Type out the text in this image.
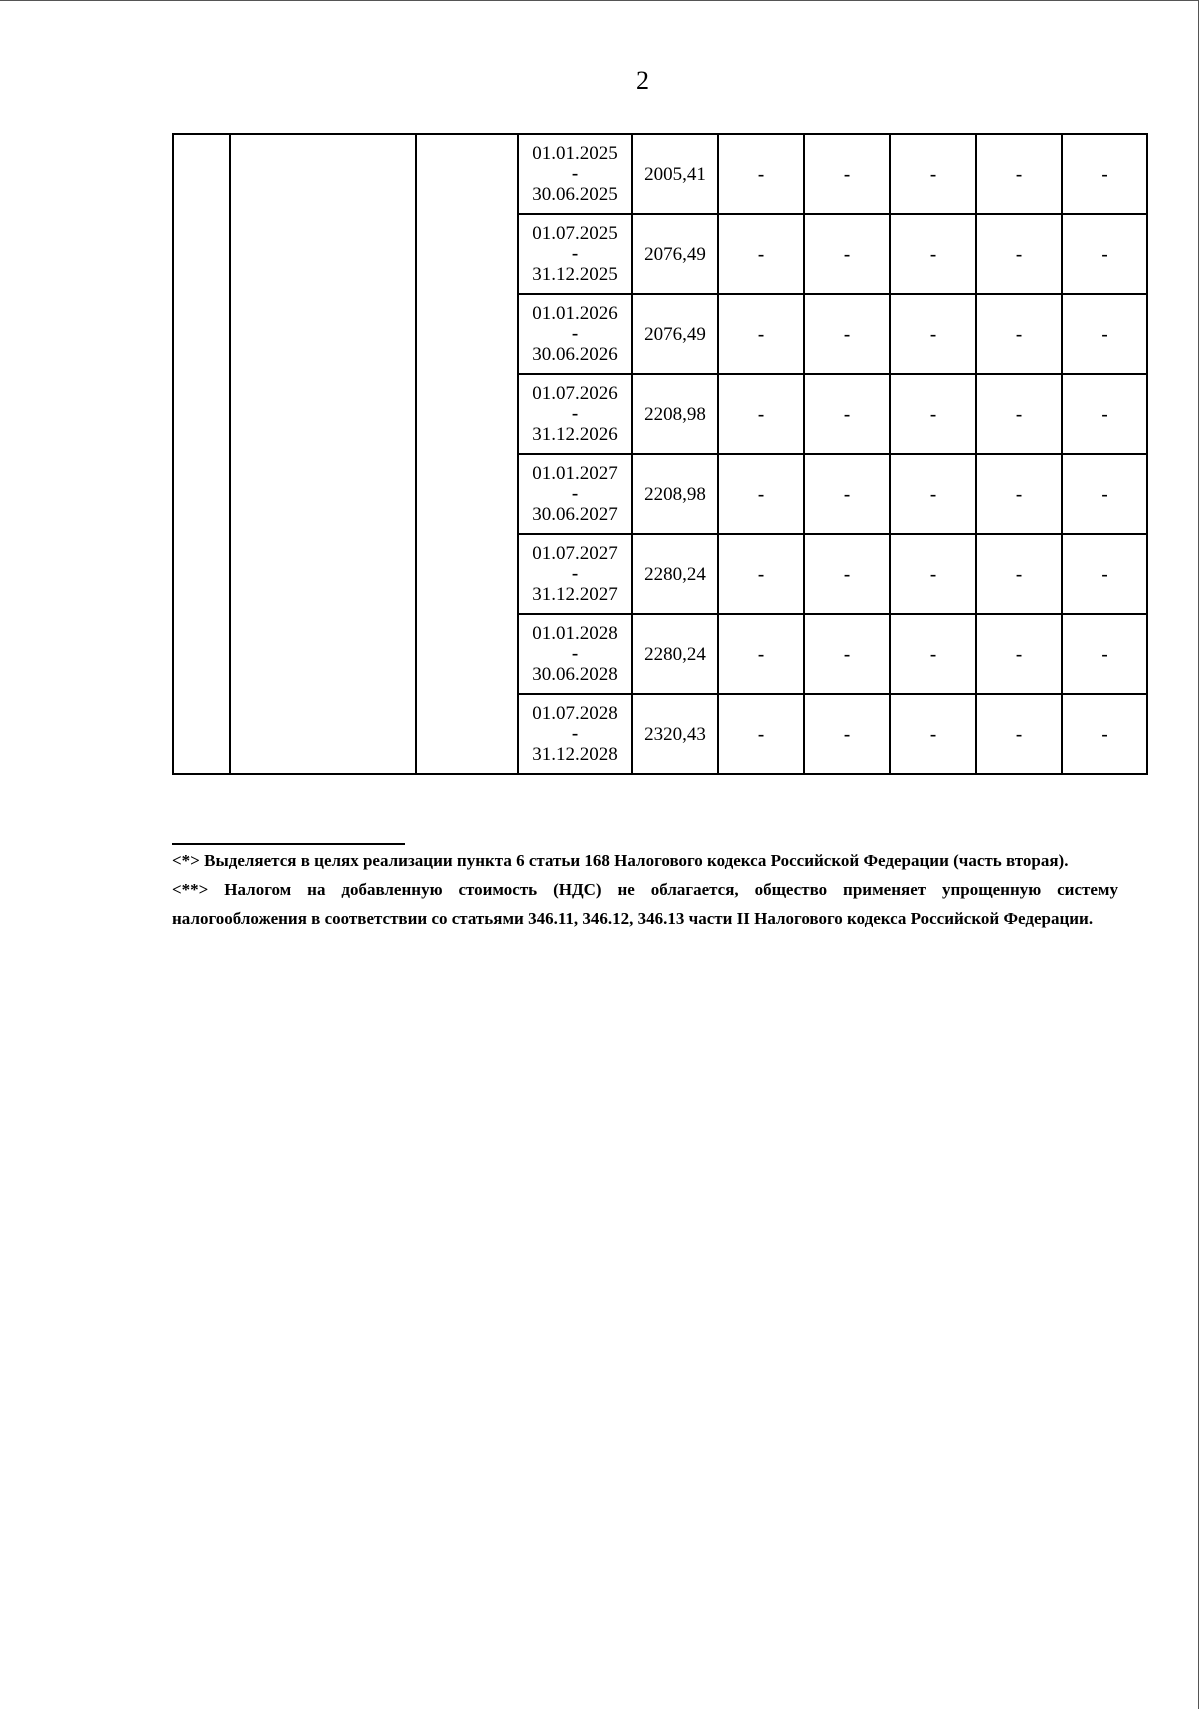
2

			01.01.2025
-
30.06.2025	2005,41	-	-	-	-	-

			01.07.2025
-
31.12.2025	2076,49	-	-	-	-	-

			01.01.2026
-
30.06.2026	2076,49	-	-	-	-	-

			01.07.2026
-
31.12.2026	2208,98	-	-	-	-	-

			01.01.2027
-
30.06.2027	2208,98	-	-	-	-	-

			01.07.2027
-
31.12.2027	2280,24	-	-	-	-	-

			01.01.2028
-
30.06.2028	2280,24	-	-	-	-	-

			01.07.2028
-
31.12.2028	2320,43	-	-	-	-	-

<*> Выделяется в целях реализации пункта 6 статьи 168 Налогового кодекса Российской Федерации (часть вторая).

<**> Налогом на добавленную стоимость (НДС) не облагается, общество применяет упрощенную систему налогообложения в соответствии со статьями 346.11, 346.12, 346.13 части II Налогового кодекса Российской Федерации.
